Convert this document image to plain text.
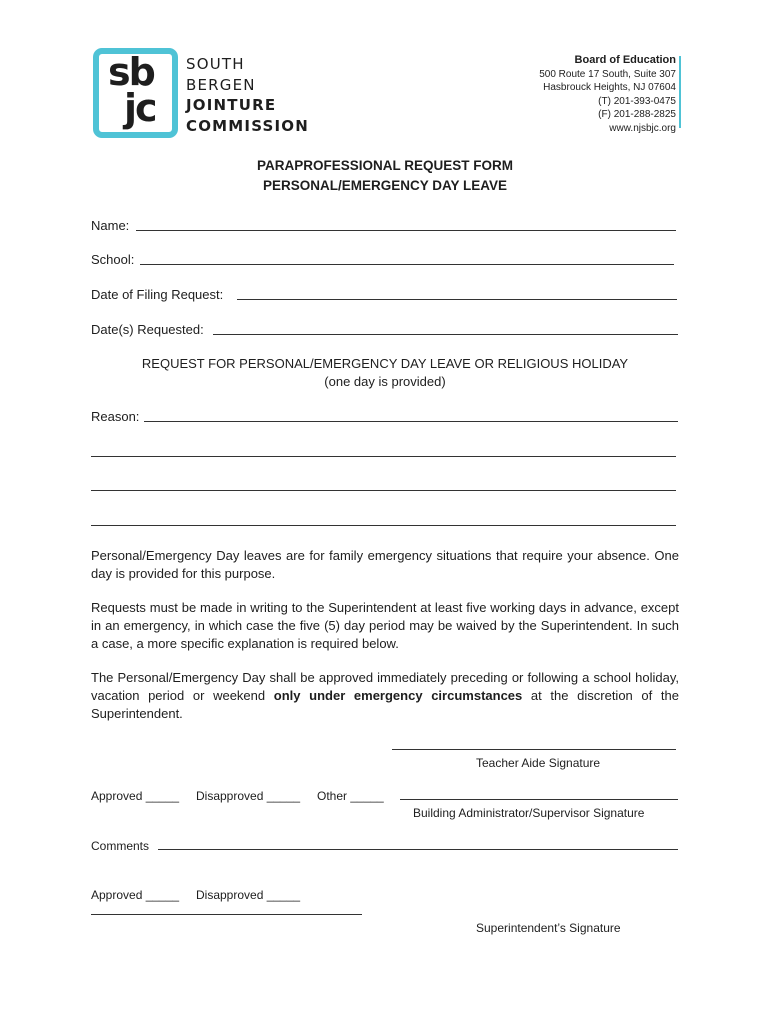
sb
jc
SOUTH
BERGEN
JOINTURE
COMMISSION
Board of Education
500 Route 17 South, Suite 307
Hasbrouck Heights, NJ 07604
(T) 201-393-0475
(F) 201-288-2825
www.njsbjc.org
PARAPROFESSIONAL REQUEST FORM
PERSONAL/EMERGENCY DAY LEAVE
Name:
School:
Date of Filing Request:
Date(s) Requested:
REQUEST FOR PERSONAL/EMERGENCY DAY LEAVE OR RELIGIOUS HOLIDAY
(one day is provided)
Reason:
Personal/Emergency Day leaves are for family emergency situations that require your absence. One day is provided for this purpose.
Requests must be made in writing to the Superintendent at least five working days in advance, except in an emergency, in which case the five (5) day period may be waived by the Superintendent. In such a case, a more specific explanation is required below.
The Personal/Emergency Day shall be approved immediately preceding or following a school holiday, vacation period or weekend only under emergency circumstances at the discretion of the Superintendent.
Teacher Aide Signature
Approved _____ Disapproved _____ Other _____
Building Administrator/Supervisor Signature
Comments
Approved _____ Disapproved _____
Superintendent’s Signature
